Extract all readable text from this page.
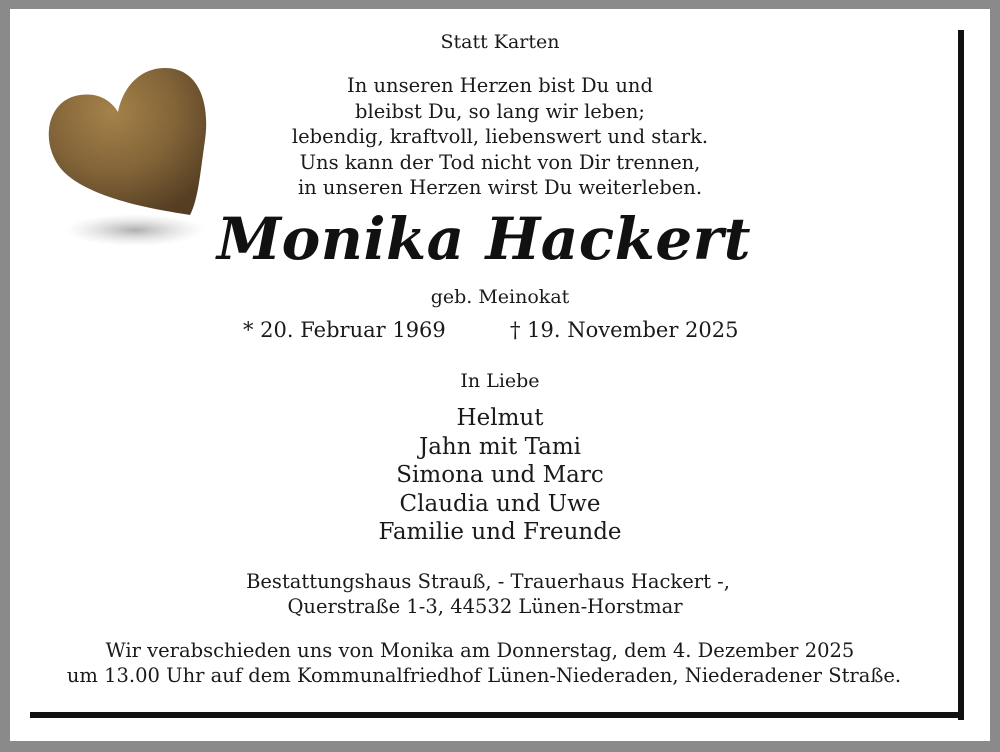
Statt Karten
In unseren Herzen bist Du und
bleibst Du, so lang wir leben;
lebendig, kraftvoll, liebenswert und stark.
Uns kann der Tod nicht von Dir trennen,
in unseren Herzen wirst Du weiterleben.
Monika Hackert
geb. Meinokat
* 20. Februar 1969	† 19. November 2025
In Liebe
Helmut
Jahn mit Tami
Simona und Marc
Claudia und Uwe
Familie und Freunde
Bestattungshaus Strauß, - Trauerhaus Hackert -,
Querstraße 1-3, 44532 Lünen-Horstmar
Wir verabschieden uns von Monika am Donnerstag, dem 4. Dezember 2025
um 13.00 Uhr auf dem Kommunalfriedhof Lünen-Niederaden, Niederadener Straße.
